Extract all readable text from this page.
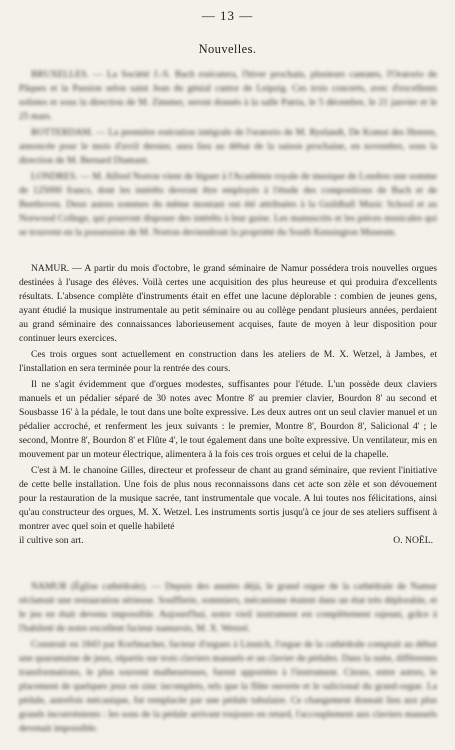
— 13 —
Nouvelles.

BRUXELLES. — La Société J.-S. Bach exécutera, l'hiver prochain, plusieurs cantates, l'Oratorio de Pâques et la Passion selon saint Jean du génial cantor de Leipzig. Ces trois concerts, avec d'excellents solistes et sous la direction de M. Zimmer, seront donnés à la salle Patria, le 5 décembre, le 21 janvier et le 25 mars.

ROTTERDAM. — La première exécution intégrale de l'oratorio de M. Ryelandt, De Komst des Heeren, annoncée pour le mois d'avril dernier, aura lieu au début de la saison prochaine, en novembre, sous la direction de M. Bernard Diamant.

LONDRES. — M. Alfred Norton vient de léguer à l'Académie royale de musique de Londres une somme de 125000 francs, dont les intérêts devront être employés à l'étude des compositions de Bach et de Beethoven. Deux autres sommes du même montant ont été attribuées à la Guildhall Music School et au Norwood College, qui pourront disposer des intérêts à leur guise. Les manuscrits et les pièces musicales qui se trouvent en la possession de M. Norton deviendront la propriété du South Kensington Museum.

NAMUR. — A partir du mois d'octobre, le grand séminaire de Namur possédera trois nouvelles orgues destinées à l'usage des élèves. Voilà certes une acquisition des plus heureuse et qui produira d'excellents résultats. L'absence complète d'instruments était en effet une lacune déplorable : combien de jeunes gens, ayant étudié la musique instrumentale au petit séminaire ou au collège pendant plusieurs années, perdaient au grand séminaire des connaissances laborieusement acquises, faute de moyen à leur disposition pour continuer leurs exercices.

Ces trois orgues sont actuellement en construction dans les ateliers de M. X. Wetzel, à Jambes, et l'installation en sera terminée pour la rentrée des cours.

Il ne s'agit évidemment que d'orgues modestes, suffisantes pour l'étude. L'un possède deux claviers manuels et un pédalier séparé de 30 notes avec Montre 8' au premier clavier, Bourdon 8' au second et Sousbasse 16' à la pédale, le tout dans une boîte expressive. Les deux autres ont un seul clavier manuel et un pédalier accroché, et renferment les jeux suivants : le premier, Montre 8', Bourdon 8', Salicional 4' ; le second, Montre 8', Bourdon 8' et Flûte 4', le tout également dans une boîte expressive. Un ventilateur, mis en mouvement par un moteur électrique, alimentera à la fois ces trois orgues et celui de la chapelle.

C'est à M. le chanoine Gilles, directeur et professeur de chant au grand séminaire, que revient l'initiative de cette belle installation. Une fois de plus nous reconnaissons dans cet acte son zèle et son dévouement pour la restauration de la musique sacrée, tant instrumentale que vocale. A lui toutes nos félicitations, ainsi qu'au constructeur des orgues, M. X. Wetzel. Les instruments sortis jusqu'à ce jour de ses ateliers suffisent à montrer avec quel soin et quelle habileté

il cultive son art.	O. NOËL.

NAMUR (Église cathédrale). — Depuis des années déjà, le grand orgue de la cathédrale de Namur réclamait une restauration sérieuse. Soufflerie, sommiers, mécanisme étaient dans un état très déplorable, et le jeu en était devenu impossible. Aujourd'hui, notre vieil instrument est complètement rajeuni, grâce à l'habileté de notre excellent facteur namurois, M. X. Wetzel.

Construit en 1843 par Korfmacher, facteur d'orgues à Linnich, l'orgue de la cathédrale comptait au début une quarantaine de jeux, répartis sur trois claviers manuels et un clavier de pédales. Dans la suite, différentes transformations, le plus souvent malheureuses, furent apportées à l'instrument. Citons, entre autres, le placement de quelques jeux en zinc incomplets, tels que la flûte ouverte et le salicional du grand-orgue. La pédale, autrefois mécanique, fut remplacée par une pédale tubulaire. Ce changement donnait lieu aux plus grands inconvénients : les sons de la pédale arrivant toujours en retard, l'accouplement aux claviers manuels devenait impossible.
